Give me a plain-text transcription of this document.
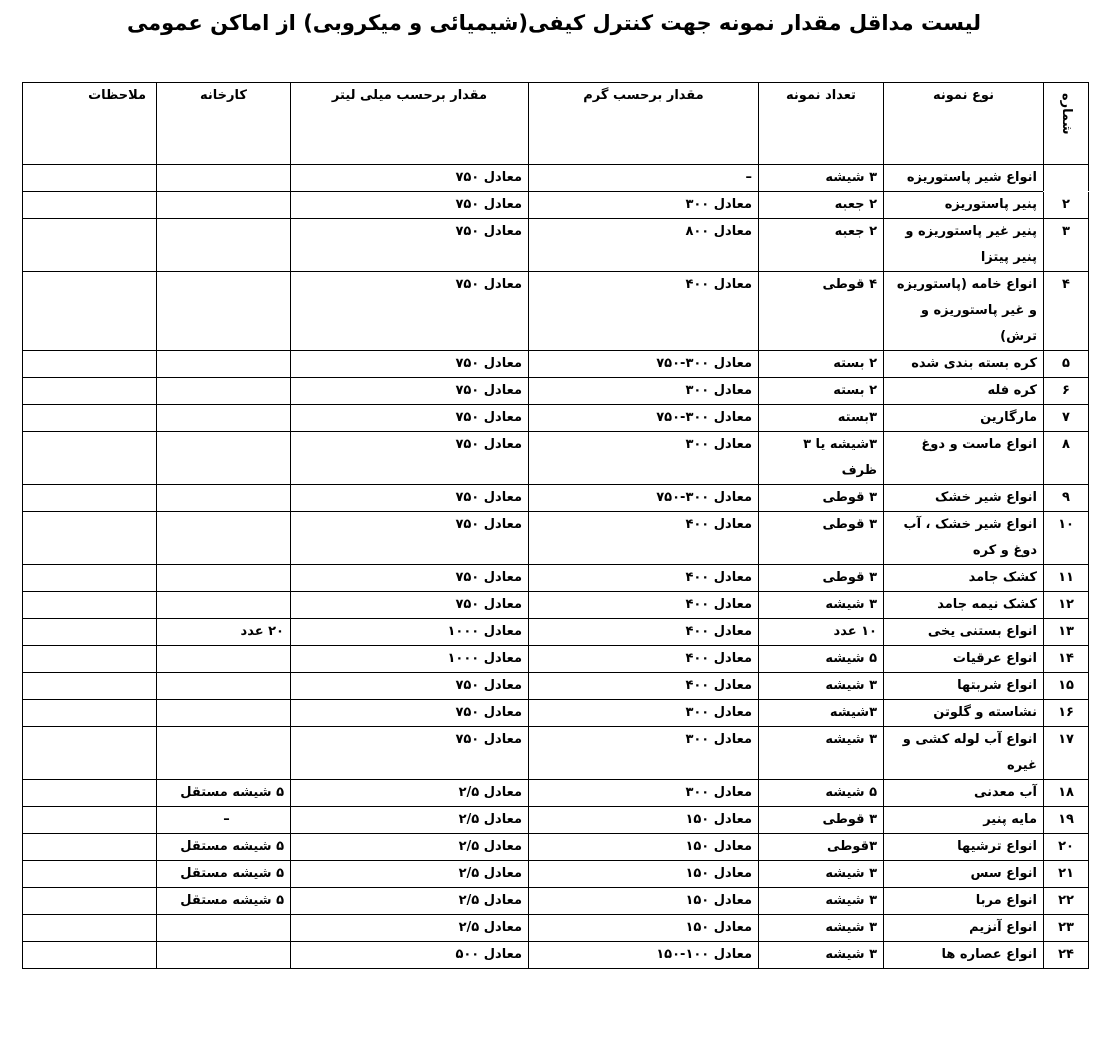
لیست مداقل مقدار نمونه جهت کنترل کیفی(شیمیائی و میکروبی) از اماکن عمومی
شماره	نوع نمونه	تعداد نمونه	مقدار برحسب گرم	مقدار برحسب میلی لیتر	کارخانه	ملاحظات
	انواع شیر پاستوریزه	۳ شیشه	–	معادل ۷۵۰		
۲	پنیر پاستوریزه	۲ جعبه	معادل ۳۰۰	معادل ۷۵۰		
۳	پنیر غیر پاستوریزه و پنیر پیتزا	۲ جعبه	معادل ۸۰۰	معادل ۷۵۰		
۴	انواع خامه (پاستوریزه و غیر پاستوریزه و ترش)	۴ قوطی	معادل ۴۰۰	معادل ۷۵۰		
۵	کره بسته بندی شده	۲ بسته	معادل ۳۰۰-۷۵۰	معادل ۷۵۰		
۶	کره فله	۲ بسته	معادل ۳۰۰	معادل ۷۵۰		
۷	مارگارین	۳بسته	معادل ۳۰۰-۷۵۰	معادل ۷۵۰		
۸	انواع ماست و دوغ	۳شیشه یا ۳ ظرف	معادل ۳۰۰	معادل ۷۵۰		
۹	انواع شیر خشک	۳ قوطی	معادل ۳۰۰-۷۵۰	معادل ۷۵۰		
۱۰	انواع شیر خشک ، آب دوغ و کره	۳ قوطی	معادل ۴۰۰	معادل ۷۵۰		
۱۱	کشک جامد	۳ قوطی	معادل ۴۰۰	معادل ۷۵۰		
۱۲	کشک نیمه جامد	۳ شیشه	معادل ۴۰۰	معادل ۷۵۰		
۱۳	انواع بستنی یخی	۱۰ عدد	معادل ۴۰۰	معادل ۱۰۰۰	۲۰ عدد	
۱۴	انواع عرقیات	۵ شیشه	معادل ۴۰۰	معادل ۱۰۰۰		
۱۵	انواع شربتها	۳ شیشه	معادل ۴۰۰	معادل ۷۵۰		
۱۶	نشاسته و گلوتن	۳شیشه	معادل ۳۰۰	معادل ۷۵۰		
۱۷	انواع آب لوله کشی و غیره	۳ شیشه	معادل ۳۰۰	معادل ۷۵۰		
۱۸	آب معدنی	۵ شیشه	معادل ۳۰۰	معادل ۲/۵	۵ شیشه مستقل	
۱۹	مایه پنیر	۳ قوطی	معادل ۱۵۰	معادل ۲/۵	–	
۲۰	انواع ترشیها	۳قوطی	معادل ۱۵۰	معادل ۲/۵	۵ شیشه مستقل	
۲۱	انواع سس	۳ شیشه	معادل ۱۵۰	معادل ۲/۵	۵ شیشه مستقل	
۲۲	انواع مربا	۳ شیشه	معادل ۱۵۰	معادل ۲/۵	۵ شیشه مستقل	
۲۳	انواع آنزیم	۳ شیشه	معادل ۱۵۰	معادل ۲/۵		
۲۴	انواع عصاره ها	۳ شیشه	معادل ۱۰۰-۱۵۰	معادل ۵۰۰		
